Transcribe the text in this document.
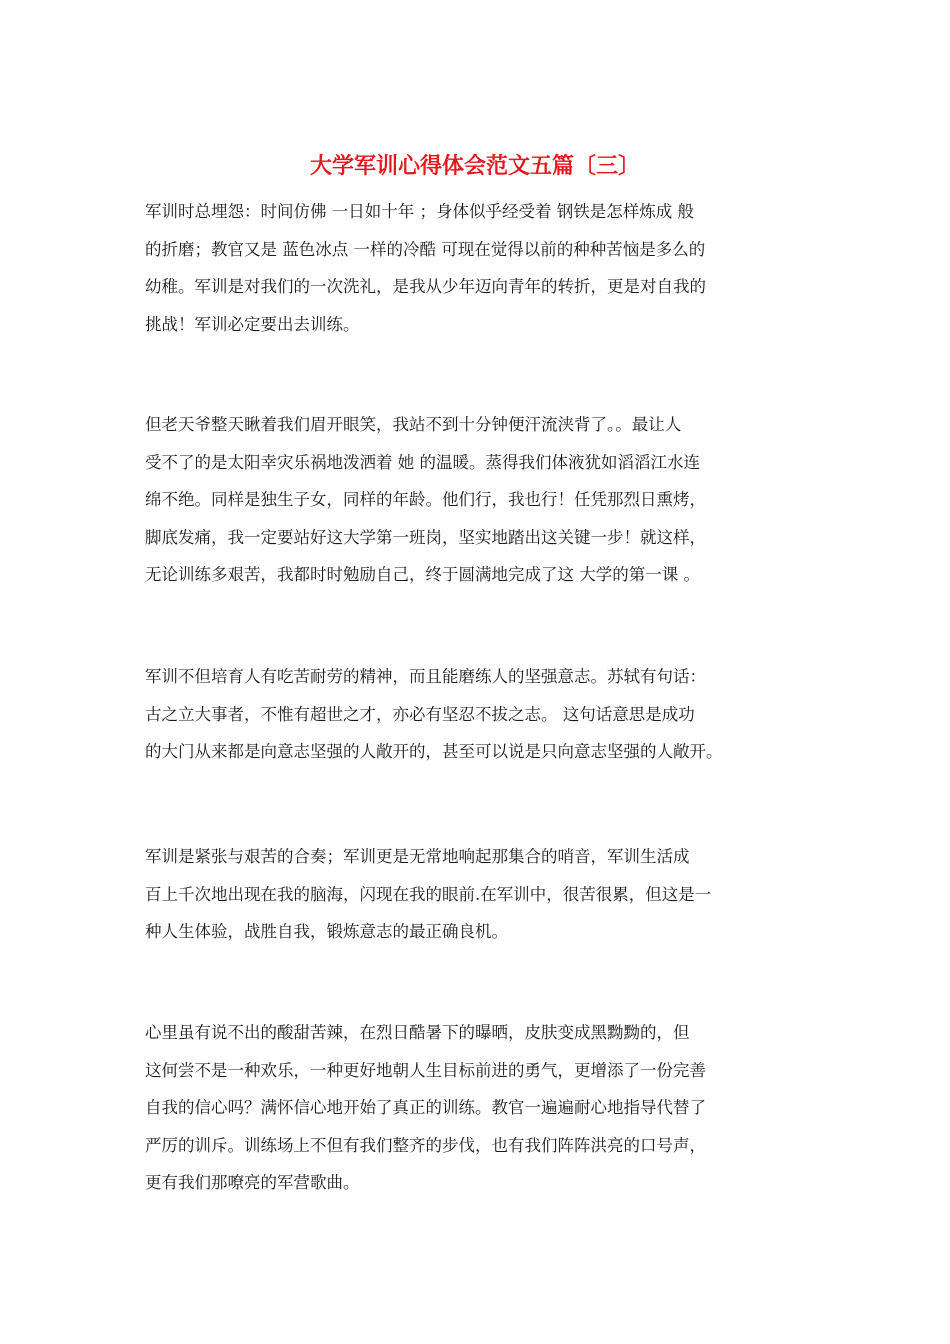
大学军训心得体会范文五篇〔三〕
军训时总埋怨：时间仿佛 一日如十年 ；身体似乎经受着 钢铁是怎样炼成 般
的折磨；教官又是 蓝色冰点 一样的冷酷 可现在觉得以前的种种苦恼是多么的
幼稚。军训是对我们的一次洗礼，是我从少年迈向青年的转折，更是对自我的
挑战！军训必定要出去训练。
但老天爷整天瞅着我们眉开眼笑，我站不到十分钟便汗流浃背了。。最让人
受不了的是太阳幸灾乐祸地泼洒着 她 的温暖。蒸得我们体液犹如滔滔江水连
绵不绝。同样是独生子女，同样的年龄。他们行，我也行！任凭那烈日熏烤，
脚底发痛，我一定要站好这大学第一班岗，坚实地踏出这关键一步！就这样，
无论训练多艰苦，我都时时勉励自己，终于圆满地完成了这 大学的第一课 。
军训不但培育人有吃苦耐劳的精神，而且能磨练人的坚强意志。苏轼有句话：
古之立大事者，不惟有超世之才，亦必有坚忍不拔之志。 这句话意思是成功
的大门从来都是向意志坚强的人敞开的，甚至可以说是只向意志坚强的人敞开。
军训是紧张与艰苦的合奏；军训更是无常地响起那集合的哨音，军训生活成
百上千次地出现在我的脑海，闪现在我的眼前.在军训中，很苦很累，但这是一
种人生体验，战胜自我，锻炼意志的最正确良机。
心里虽有说不出的酸甜苦辣，在烈日酷暑下的曝晒，皮肤变成黑黝黝的，但
这何尝不是一种欢乐，一种更好地朝人生目标前进的勇气，更增添了一份完善
自我的信心吗？满怀信心地开始了真正的训练。教官一遍遍耐心地指导代替了
严厉的训斥。训练场上不但有我们整齐的步伐，也有我们阵阵洪亮的口号声，
更有我们那嘹亮的军营歌曲。
